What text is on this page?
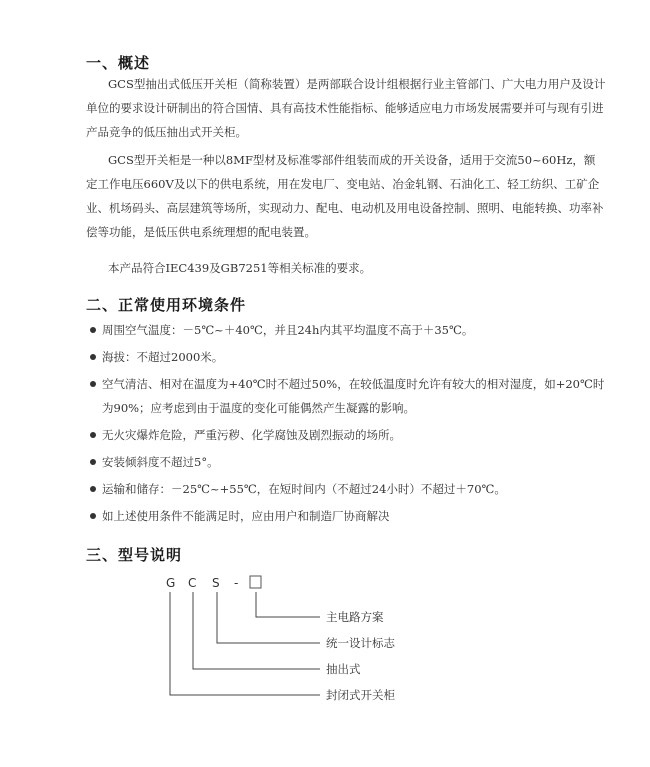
一、概述

GCS型抽出式低压开关柜（简称装置）是两部联合设计组根据行业主管部门、广大电力用户及设计单位的要求设计研制出的符合国情、具有高技术性能指标、能够适应电力市场发展需要并可与现有引进产品竞争的低压抽出式开关柜。

GCS型开关柜是一种以8MF型材及标准零部件组装而成的开关设备，适用于交流50~60Hz，额定工作电压660V及以下的供电系统，用在发电厂、变电站、冶金轧钢、石油化工、轻工纺织、工矿企业、机场码头、高层建筑等场所，实现动力、配电、电动机及用电设备控制、照明、电能转换、功率补偿等功能，是低压供电系统理想的配电装置。

本产品符合IEC439及GB7251等相关标准的要求。

二、正常使用环境条件
周围空气温度：－5℃~＋40℃，并且24h内其平均温度不高于＋35℃。
海拔：不超过2000米。
空气清洁、相对在温度为+40℃时不超过50%，在较低温度时允许有较大的相对湿度，如+20℃时为90%；应考虑到由于温度的变化可能偶然产生凝露的影响。
无火灾爆炸危险，严重污秽、化学腐蚀及剧烈振动的场所。
安装倾斜度不超过5°。
运输和储存：－25℃~+55℃，在短时间内（不超过24小时）不超过＋70℃。
如上述使用条件不能满足时，应由用户和制造厂协商解决
三、型号说明
G C S -
主电路方案
统一设计标志
抽出式
封闭式开关柜
